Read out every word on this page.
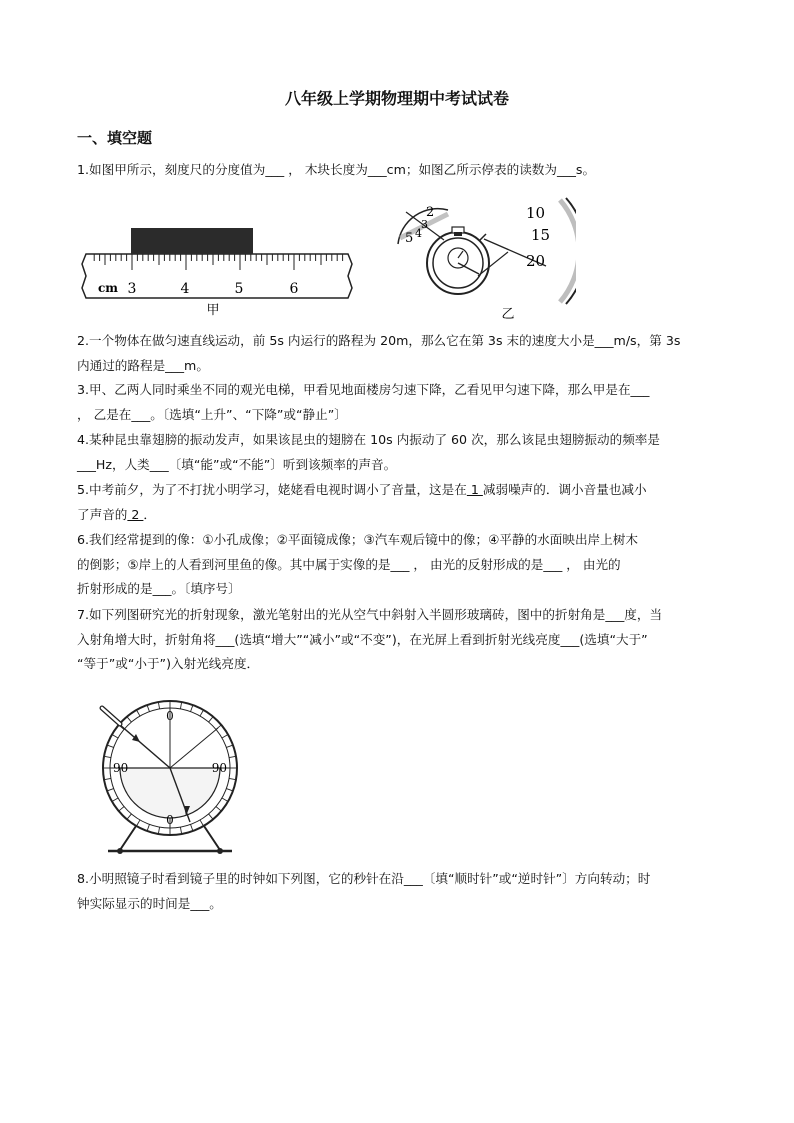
八年级上学期物理期中考试试卷
一、填空题
1.如图甲所示，刻度尺的分度值为___ ， 木块长度为___cm；如图乙所示停表的读数为___s。
cm 3	4	5	6
甲
2
3
4
5
10
15
20
乙
2.一个物体在做匀速直线运动，前 5s 内运行的路程为 20m，那么它在第 3s 末的速度大小是___m/s，第 3s
内通过的路程是___m。
3.甲、乙两人同时乘坐不同的观光电梯，甲看见地面楼房匀速下降，乙看见甲匀速下降，那么甲是在___
， 乙是在___。〔选填“上升”、“下降”或“静止”〕
4.某种昆虫靠翅膀的振动发声，如果该昆虫的翅膀在 10s 内振动了 60 次，那么该昆虫翅膀振动的频率是
___Hz，人类___〔填“能”或“不能”〕听到该频率的声音。
5.中考前夕，为了不打扰小明学习，姥姥看电视时调小了音量，这是在 1 减弱噪声的．调小音量也减小
了声音的 2 ．
6.我们经常提到的像：①小孔成像；②平面镜成像；③汽车观后镜中的像；④平静的水面映出岸上树木
的倒影；⑤岸上的人看到河里鱼的像。其中属于实像的是___ ， 由光的反射形成的是___ ， 由光的
折射形成的是___。〔填序号〕
7.如下列图研究光的折射现象，激光笔射出的光从空气中斜射入半圆形玻璃砖，图中的折射角是___度，当
入射角增大时，折射角将___(选填“增大”“减小”或“不变”)，在光屏上看到折射光线亮度___(选填“大于”
“等于”或“小于”)入射光线亮度．
0
90	90
0
8.小明照镜子时看到镜子里的时钟如下列图，它的秒针在沿___〔填“顺时针”或“逆时针”〕方向转动；时
钟实际显示的时间是___。
